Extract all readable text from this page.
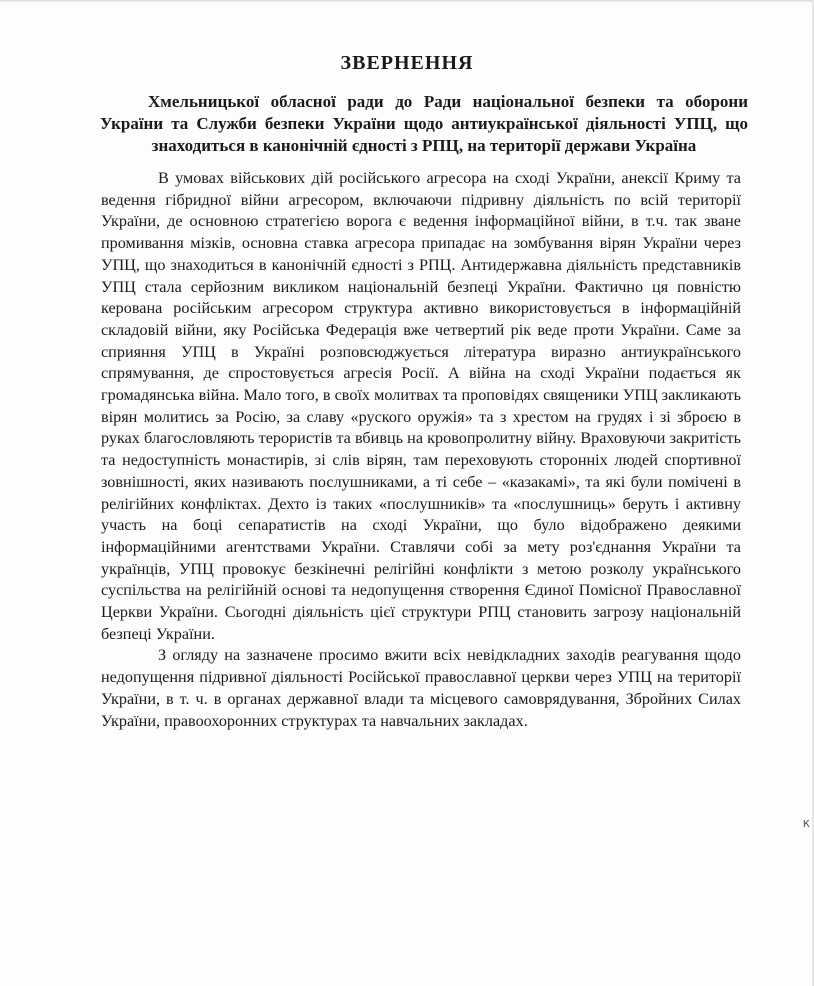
ЗВЕРНЕННЯ

Хмельницької обласної ради до Ради національної безпеки та оборони України та Служби безпеки України щодо антиукраїнської діяльності УПЦ, що знаходиться в канонічній єдності з РПЦ, на території держави Україна

В умовах військових дій російського агресора на сході України, анексії Криму та ведення гібридної війни агресором, включаючи підривну діяльність по всій території України, де основною стратегією ворога є ведення інформаційної війни, в т.ч. так зване промивання мізків, основна ставка агресора припадає на зомбування вірян України через УПЦ, що знаходиться в канонічній єдності з РПЦ. Антидержавна діяльність представників УПЦ стала серйозним викликом національній безпеці України. Фактично ця повністю керована російським агресором структура активно використовується в інформаційній складовій війни, яку Російська Федерація вже четвертий рік веде проти України. Саме за сприяння УПЦ в Україні розповсюджується література виразно антиукраїнського спрямування, де спростовується агресія Росії. А війна на сході України подається як громадянська війна. Мало того, в своїх молитвах та проповідях священики УПЦ закликають вірян молитись за Росію, за славу «руского оружія» та з хрестом на грудях і зі зброєю в руках благословляють терористів та вбивць на кровопролитну війну. Враховуючи закритість та недоступність монастирів, зі слів вірян, там переховують сторонніх людей спортивної зовнішності, яких називають послушниками, а ті себе – «казакамі», та які були помічені в релігійних конфліктах. Дехто із таких «послушників» та «послушниць» беруть і активну участь на боці сепаратистів на сході України, що було відображено деякими інформаційними агентствами України. Ставлячи собі за мету роз'єднання України та українців, УПЦ провокує безкінечні релігійні конфлікти з метою розколу українського суспільства на релігійній основі та недопущення створення Єдиної Помісної Православної Церкви України. Сьогодні діяльність цієї структури РПЦ становить загрозу національній безпеці України.

З огляду на зазначене просимо вжити всіх невідкладних заходів реагування щодо недопущення підривної діяльності Російської православної церкви через УПЦ на території України, в т. ч. в органах державної влади та місцевого самоврядування, Збройних Силах України, правоохоронних структурах та навчальних закладах.

к
